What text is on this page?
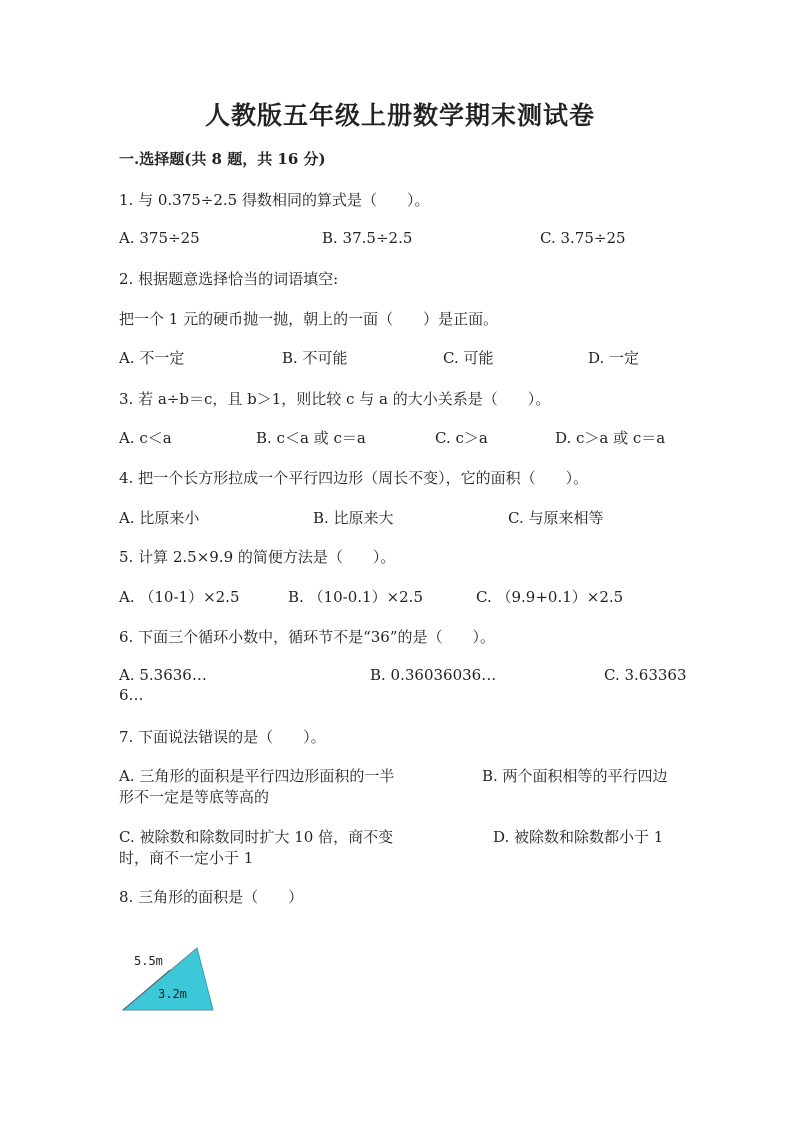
人教版五年级上册数学期末测试卷
一.选择题(共 8 题，共 16 分)
1. 与 0.375÷2.5 得数相同的算式是（　　）。
A. 375÷25	B. 37.5÷2.5	C. 3.75÷25
2. 根据题意选择恰当的词语填空:
把一个 1 元的硬币抛一抛，朝上的一面（　　）是正面。
A. 不一定	B. 不可能	C. 可能	D. 一定
3. 若 a÷b＝c，且 b＞1，则比较 c 与 a 的大小关系是（　　）。
A. c＜a	B. c＜a 或 c＝a	C. c＞a	D. c＞a 或 c＝a
4. 把一个长方形拉成一个平行四边形（周长不变），它的面积（　　）。
A. 比原来小	B. 比原来大	C. 与原来相等
5. 计算 2.5×9.9 的简便方法是（　　）。
A. （10-1）×2.5	B. （10-0.1）×2.5	C. （9.9+0.1）×2.5
6. 下面三个循环小数中，循环节不是“36”的是（　　）。
A. 5.3636…	B. 0.36036036…	C. 3.63363
6…
7. 下面说法错误的是（　　）。
A. 三角形的面积是平行四边形面积的一半	B. 两个面积相等的平行四边
形不一定是等底等高的
C. 被除数和除数同时扩大 10 倍，商不变	D. 被除数和除数都小于 1
时，商不一定小于 1
8. 三角形的面积是（　　）
5.5m
3.2m
